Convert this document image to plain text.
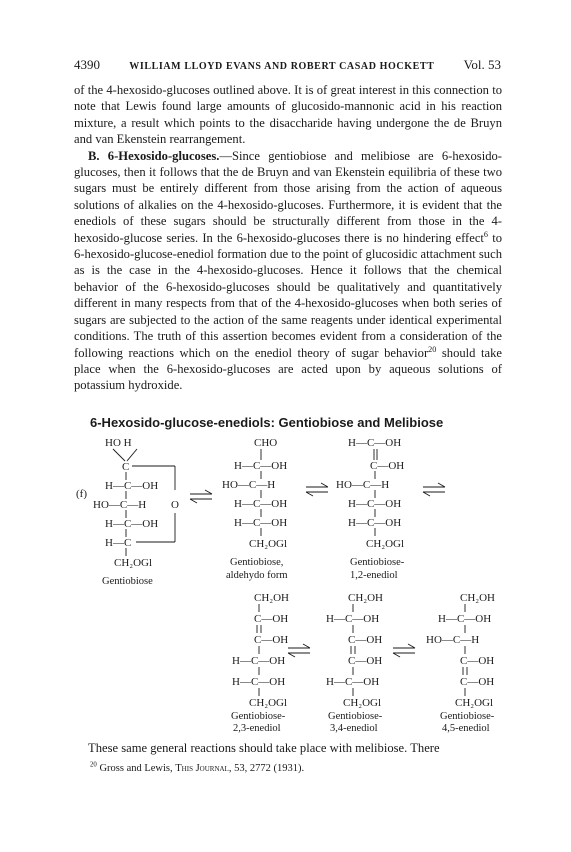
4390	WILLIAM LLOYD EVANS AND ROBERT CASAD HOCKETT Vol. 53

of the 4-hexosido-glucoses outlined above. It is of great interest in this connection to note that Lewis found large amounts of glucosido-mannonic acid in his reaction mixture, a result which points to the disaccharide having undergone the de Bruyn and van Ekenstein rearrangement.

B. 6-Hexosido-glucoses.—Since gentiobiose and melibiose are 6-hexosido-glucoses, then it follows that the de Bruyn and van Ekenstein equilibria of these two sugars must be entirely different from those arising from the action of aqueous solutions of alkalies on the 4-hexosido-glucoses. Furthermore, it is evident that the enediols of these sugars should be structurally different from those in the 4-hexosido-glucose series. In the 6-hexosido-glucoses there is no hindering effect$^6$ to 6-hexosido-glucose-enediol formation due to the point of glucosidic attachment such as is the case in the 4-hexosido-glucoses. Hence it follows that the chemical behavior of the 6-hexosido-glucoses should be qualitatively and quantitatively different in many respects from that of the 4-hexosido-glucoses when both series of sugars are subjected to the action of the same reagents under identical experimental conditions. The truth of this assertion becomes evident from a consideration of the following reactions which on the enediol theory of sugar behavior$^{20}$ should take place when the 6-hexosido-glucoses are acted upon by aqueous solutions of potassium hydroxide.

6-Hexosido-glucose-enediols: Gentiobiose and Melibiose
(f)
HO H
C
H—C—OH
HO—C—H O
H—C—OH
H—C
CH₂OGl
Gentiobiose
CHO
H—C—OH
HO—C—H
H—C—OH
H—C—OH
CH₂OGl
Gentiobiose,
aldehydo form
H—C—OH
C—OH
HO—C—H
H—C—OH
H—C—OH
CH₂OGl
Gentiobiose-
1,2-enediol
CH₂OH
C—OH
C—OH
H—C—OH
H—C—OH
CH₂OGl
Gentiobiose-
2,3-enediol
CH₂OH
H—C—OH
C—OH
C—OH
H—C—OH
CH₂OGl
Gentiobiose-
3,4-enediol
CH₂OH
H—C—OH
HO—C—H
C—OH
C—OH
CH₂OGl
Gentiobiose-
4,5-enediol
These same general reactions should take place with melibiose. There
$^{20}$ Gross and Lewis, This Journal, 53, 2772 (1931).
